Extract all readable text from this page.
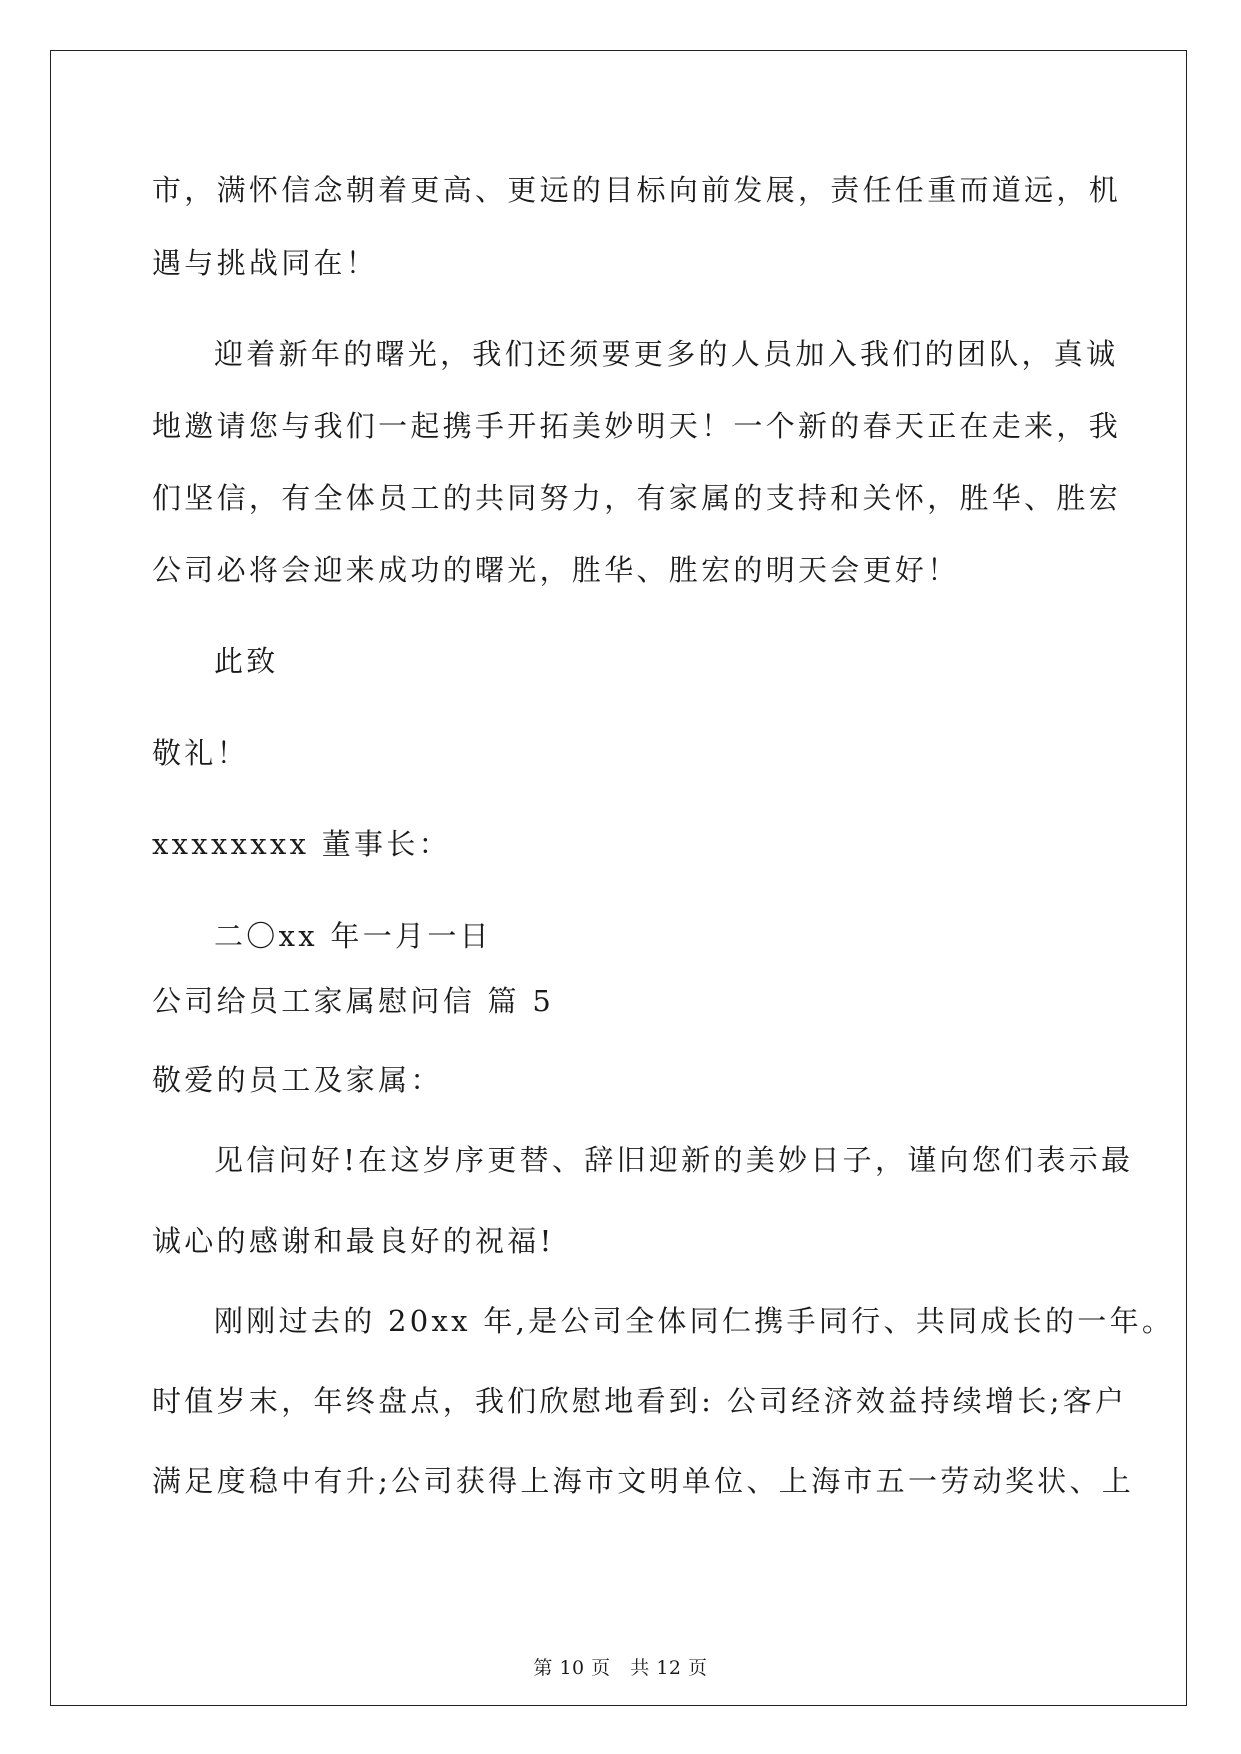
市，满怀信念朝着更高、更远的目标向前发展，责任任重而道远，机
遇与挑战同在！
迎着新年的曙光，我们还须要更多的人员加入我们的团队，真诚
地邀请您与我们一起携手开拓美妙明天！一个新的春天正在走来，我
们坚信，有全体员工的共同努力，有家属的支持和关怀，胜华、胜宏
公司必将会迎来成功的曙光，胜华、胜宏的明天会更好！
此致
敬礼！
xxxxxxxx 董事长：
二〇xx 年一月一日
公司给员工家属慰问信 篇 5
敬爱的员工及家属：
见信问好!在这岁序更替、辞旧迎新的美妙日子，谨向您们表示最
诚心的感谢和最良好的祝福!
刚刚过去的 20xx 年,是公司全体同仁携手同行、共同成长的一年。
时值岁末，年终盘点，我们欣慰地看到: 公司经济效益持续增长;客户
满足度稳中有升;公司获得上海市文明单位、上海市五一劳动奖状、上
第 10 页   共 12 页
